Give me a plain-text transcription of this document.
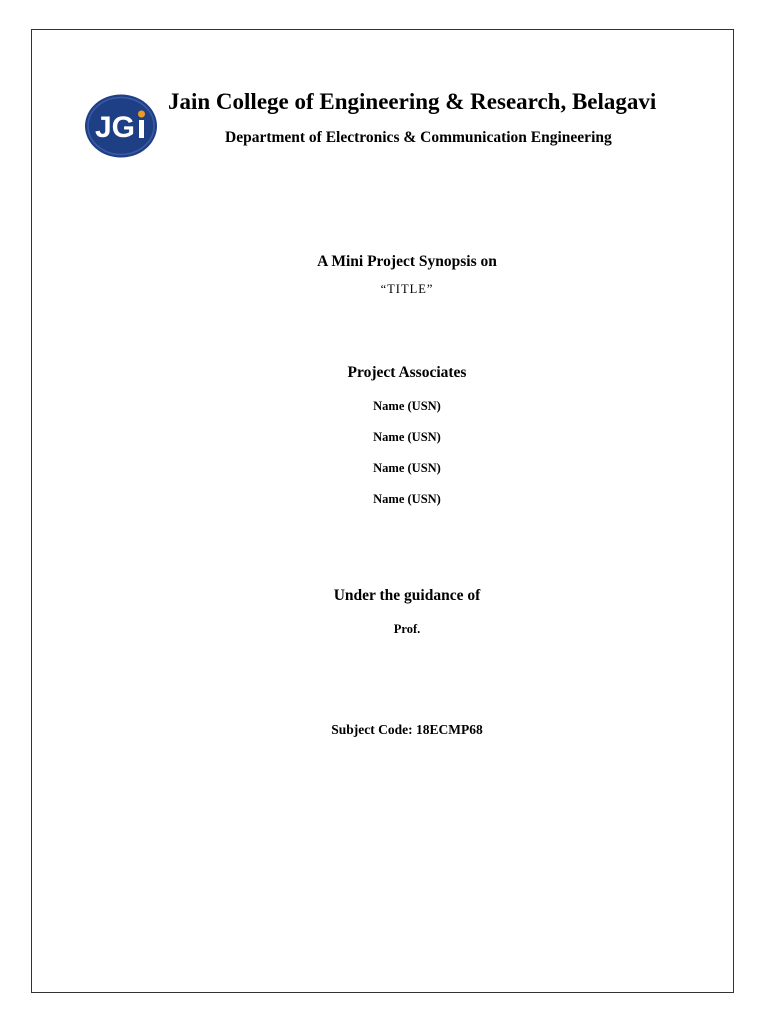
JG
Jain College of Engineering & Research, Belagavi
Department of Electronics & Communication Engineering
A Mini Project Synopsis on
“TITLE”
Project Associates
Name (USN)
Name (USN)
Name (USN)
Name (USN)
Under the guidance of
Prof.
Subject Code: 18ECMP68
